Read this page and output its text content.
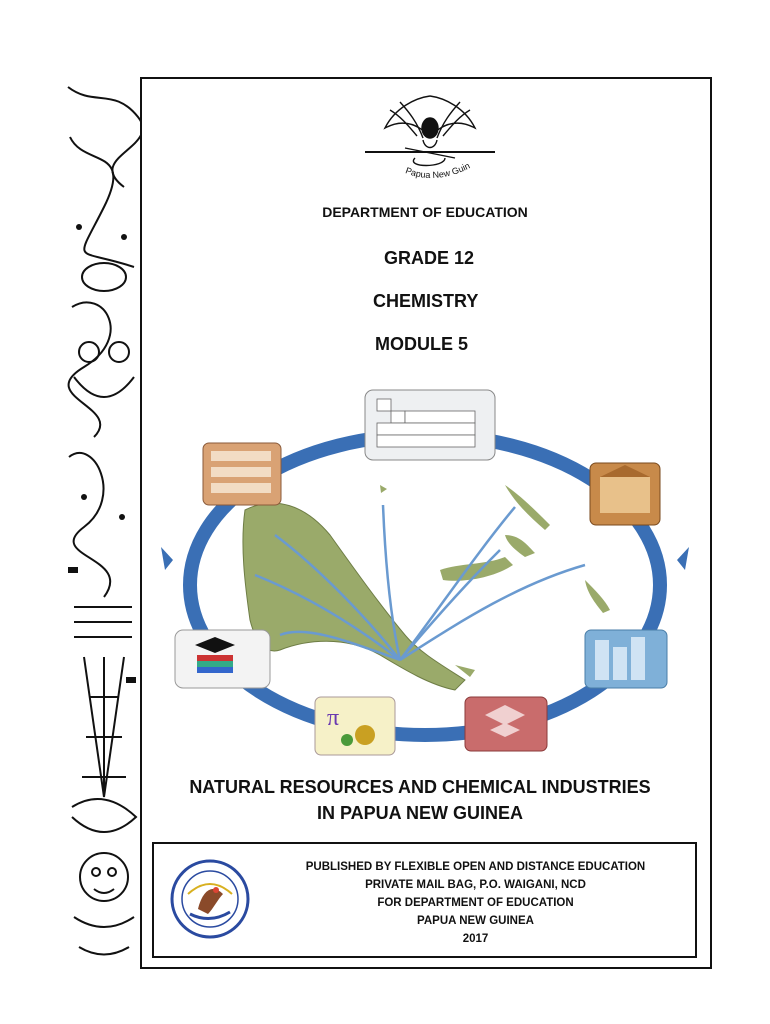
Papua New Guin
DEPARTMENT OF EDUCATION
GRADE 12
CHEMISTRY
MODULE 5
π
NATURAL RESOURCES AND CHEMICAL INDUSTRIES
IN PAPUA NEW GUINEA
PUBLISHED BY FLEXIBLE OPEN AND DISTANCE EDUCATION
PRIVATE MAIL BAG, P.O. WAIGANI, NCD
FOR DEPARTMENT OF EDUCATION
PAPUA NEW GUINEA
2017
